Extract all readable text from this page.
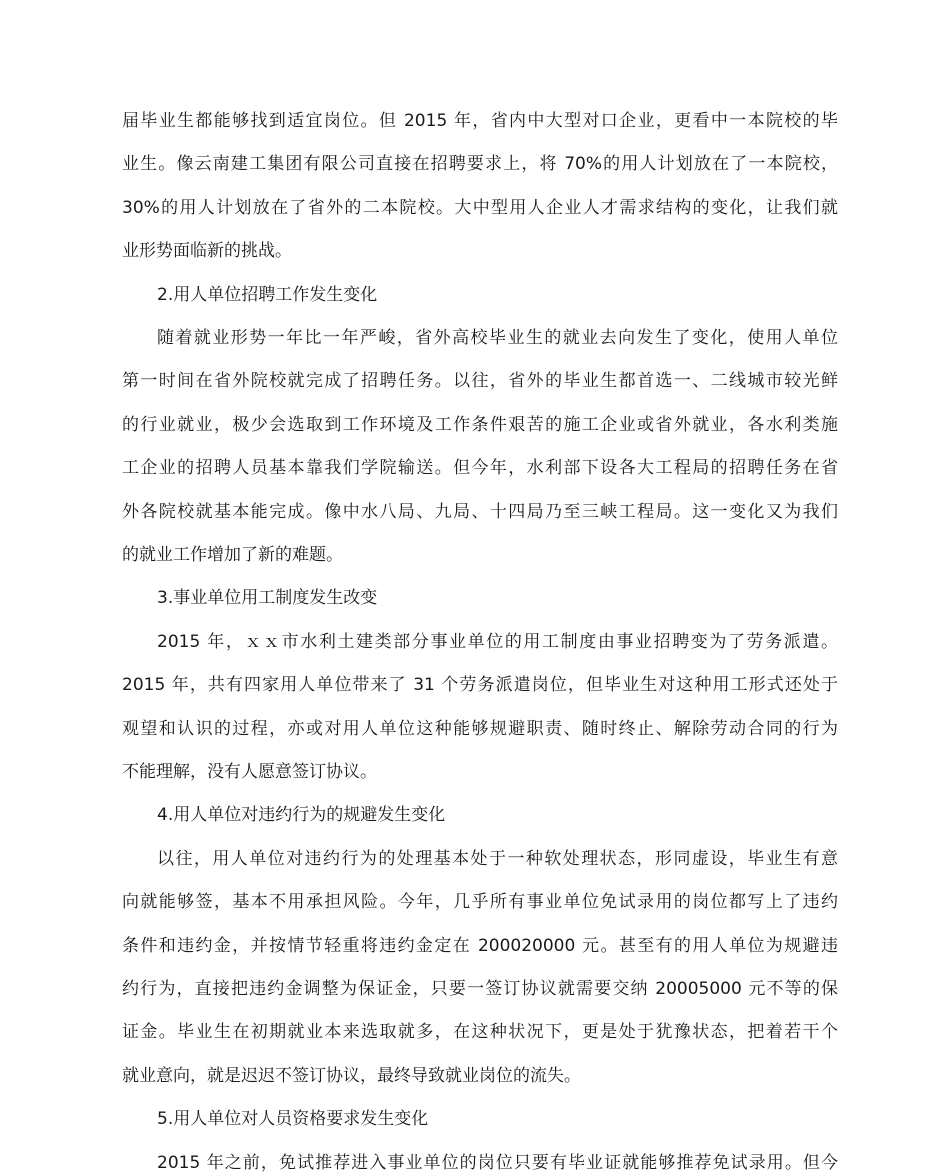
届毕业生都能够找到适宜岗位。但 2015 年，省内中大型对口企业，更看中一本院校的毕
业生。像云南建工集团有限公司直接在招聘要求上，将 70%的用人计划放在了一本院校，
30%的用人计划放在了省外的二本院校。大中型用人企业人才需求结构的变化，让我们就
业形势面临新的挑战。
2.用人单位招聘工作发生变化
随着就业形势一年比一年严峻，省外高校毕业生的就业去向发生了变化，使用人单位
第一时间在省外院校就完成了招聘任务。以往，省外的毕业生都首选一、二线城市较光鲜
的行业就业，极少会选取到工作环境及工作条件艰苦的施工企业或省外就业，各水利类施
工企业的招聘人员基本靠我们学院输送。但今年，水利部下设各大工程局的招聘任务在省
外各院校就基本能完成。像中水八局、九局、十四局乃至三峡工程局。这一变化又为我们
的就业工作增加了新的难题。
3.事业单位用工制度发生改变
2015 年，ｘｘ市水利土建类部分事业单位的用工制度由事业招聘变为了劳务派遣。
2015 年，共有四家用人单位带来了 31 个劳务派遣岗位，但毕业生对这种用工形式还处于
观望和认识的过程，亦或对用人单位这种能够规避职责、随时终止、解除劳动合同的行为
不能理解，没有人愿意签订协议。
4.用人单位对违约行为的规避发生变化
以往，用人单位对违约行为的处理基本处于一种软处理状态，形同虚设，毕业生有意
向就能够签，基本不用承担风险。今年，几乎所有事业单位免试录用的岗位都写上了违约
条件和违约金，并按情节轻重将违约金定在 200020000 元。甚至有的用人单位为规避违
约行为，直接把违约金调整为保证金，只要一签订协议就需要交纳 20005000 元不等的保
证金。毕业生在初期就业本来选取就多，在这种状况下，更是处于犹豫状态，把着若干个
就业意向，就是迟迟不签订协议，最终导致就业岗位的流失。
5.用人单位对人员资格要求发生变化
2015 年之前，免试推荐进入事业单位的岗位只要有毕业证就能够推荐免试录用。但今
